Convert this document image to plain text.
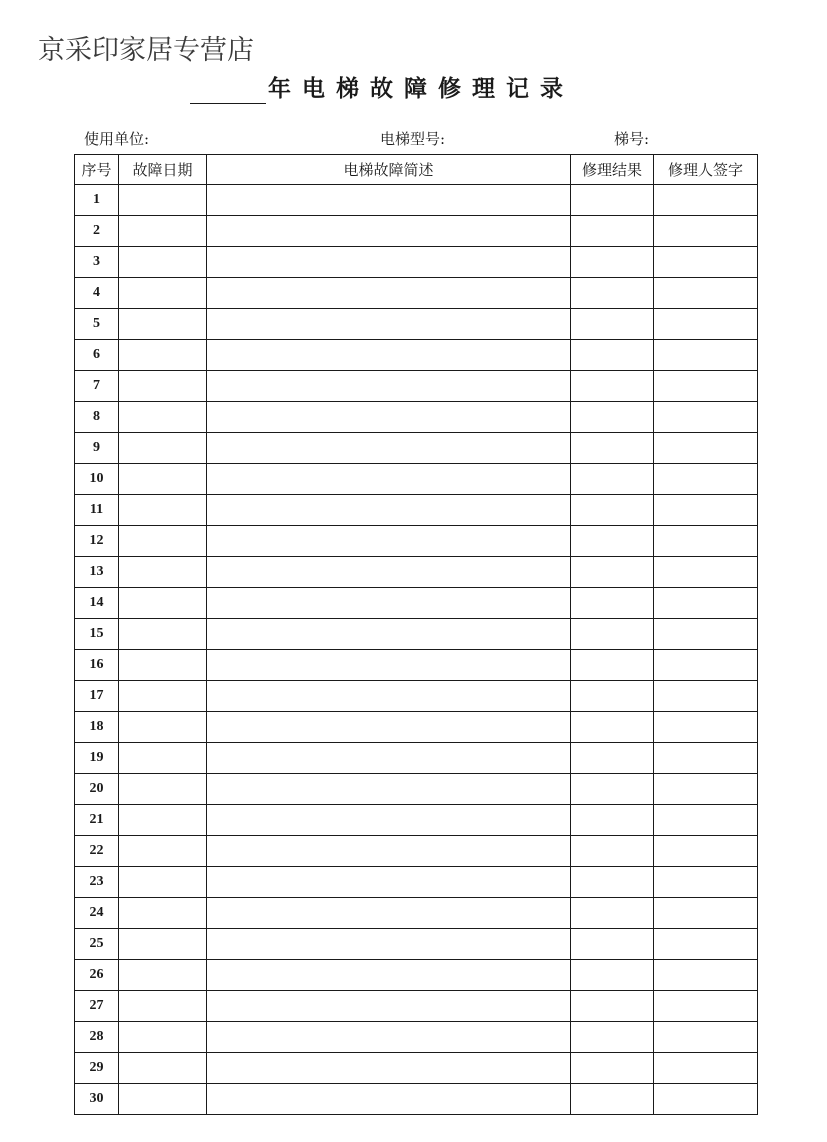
京采印家居专营店
年电梯故障修理记录
使用单位:	电梯型号:	梯号:
序号	故障日期	电梯故障简述	修理结果	修理人签字
1				
2				
3				
4				
5				
6				
7				
8				
9				
10				
11				
12				
13				
14				
15				
16				
17				
18				
19				
20				
21				
22				
23				
24				
25				
26				
27				
28				
29				
30				
